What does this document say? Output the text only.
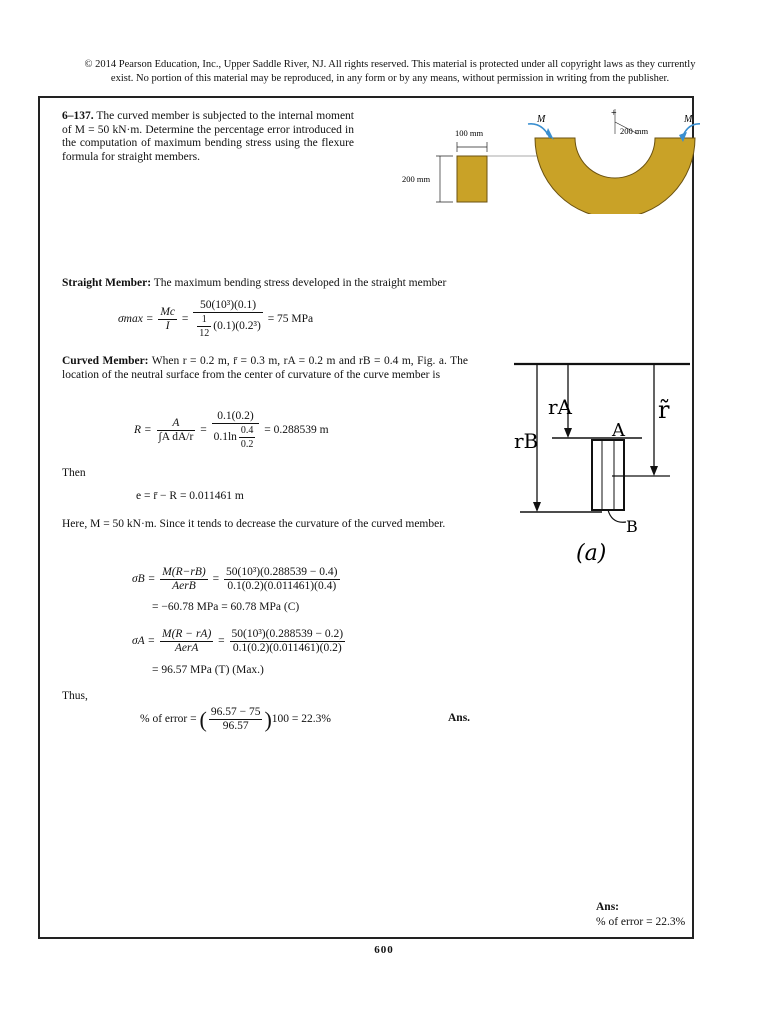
© 2014 Pearson Education, Inc., Upper Saddle River, NJ. All rights reserved. This material is protected under all copyright laws as they currently
exist. No portion of this material may be reproduced, in any form or by any means, without permission in writing from the publisher.
6–137. The curved member is subjected to the internal moment of M = 50 kN·m. Determine the percentage error introduced in the computation of maximum bending stress using the flexure formula for straight members.
100 mm
200 mm
+
200 mm
M	M
Straight Member: The maximum bending stress developed in the straight member
$\sigma\max = \frac{Mc}{I} = \frac{\text{50(10³)(0.1)}}{\frac{1}{12} (0.1)(0.2^3)} = 75$ MPa
Curved Member: When r = 0.2 m, r̄ = 0.3 m, rA = 0.2 m and rB = 0.4 m, Fig. a. The location of the neutral surface from the center of curvature of the curve member is
$R = \frac{A}{\text{∫A dA/r}} = \frac{0.1(0.2)}{0.1\ln \frac{0.4}{0.2}} = 0.288539$ m
Then
e = r̄ − R = 0.011461 m
Here, M = 50 kN·m. Since it tends to decrease the curvature of the curved member.
$\sigma B = \frac{M(R-rB)}{\text{AerB}} = \frac{\text{50(10³)(0.288539 − 0.4)}}{0.1(0.2)(0.011461)(0.4)}$
= −60.78 MPa = 60.78 MPa (C)
$\sigma A = \frac{M(R - rA)}{\text{AerA}} = \frac{\text{50(10³)(0.288539 − 0.2)}}{0.1(0.2)(0.011461)(0.2)}$
= 96.57 MPa (T) (Max.)
Thus,
% of error = ( $\frac{96.57 - 75}{96.57} )100 = 22.3\%$	Ans.
rA
rB
r̃
A
B
(a)
Ans:
% of error = 22.3%
600
